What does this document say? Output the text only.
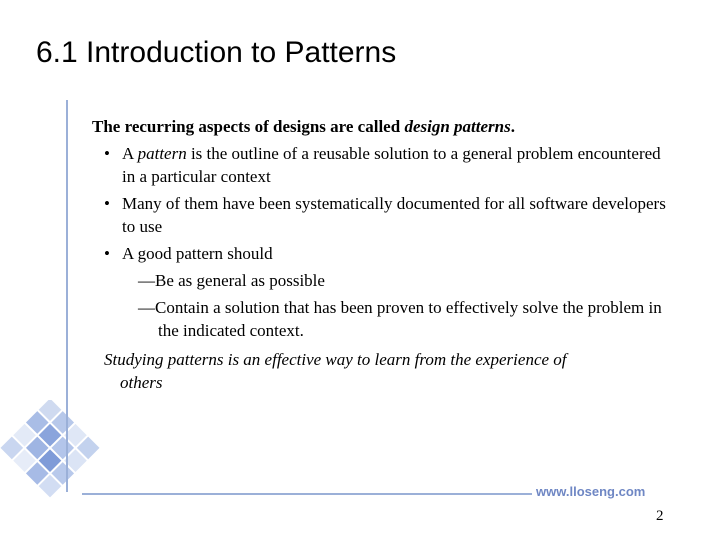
6.1 Introduction to Patterns

The recurring aspects of designs are called design patterns.

• A pattern is the outline of a reusable solution to a general problem encountered in a particular context
• Many of them have been systematically documented for all software developers to use
• A good pattern should
—Be as general as possible
—Contain a solution that has been proven to effectively solve the problem in the indicated context.

Studying patterns is an effective way to learn from the experience of
others

www.lloseng.com
2
